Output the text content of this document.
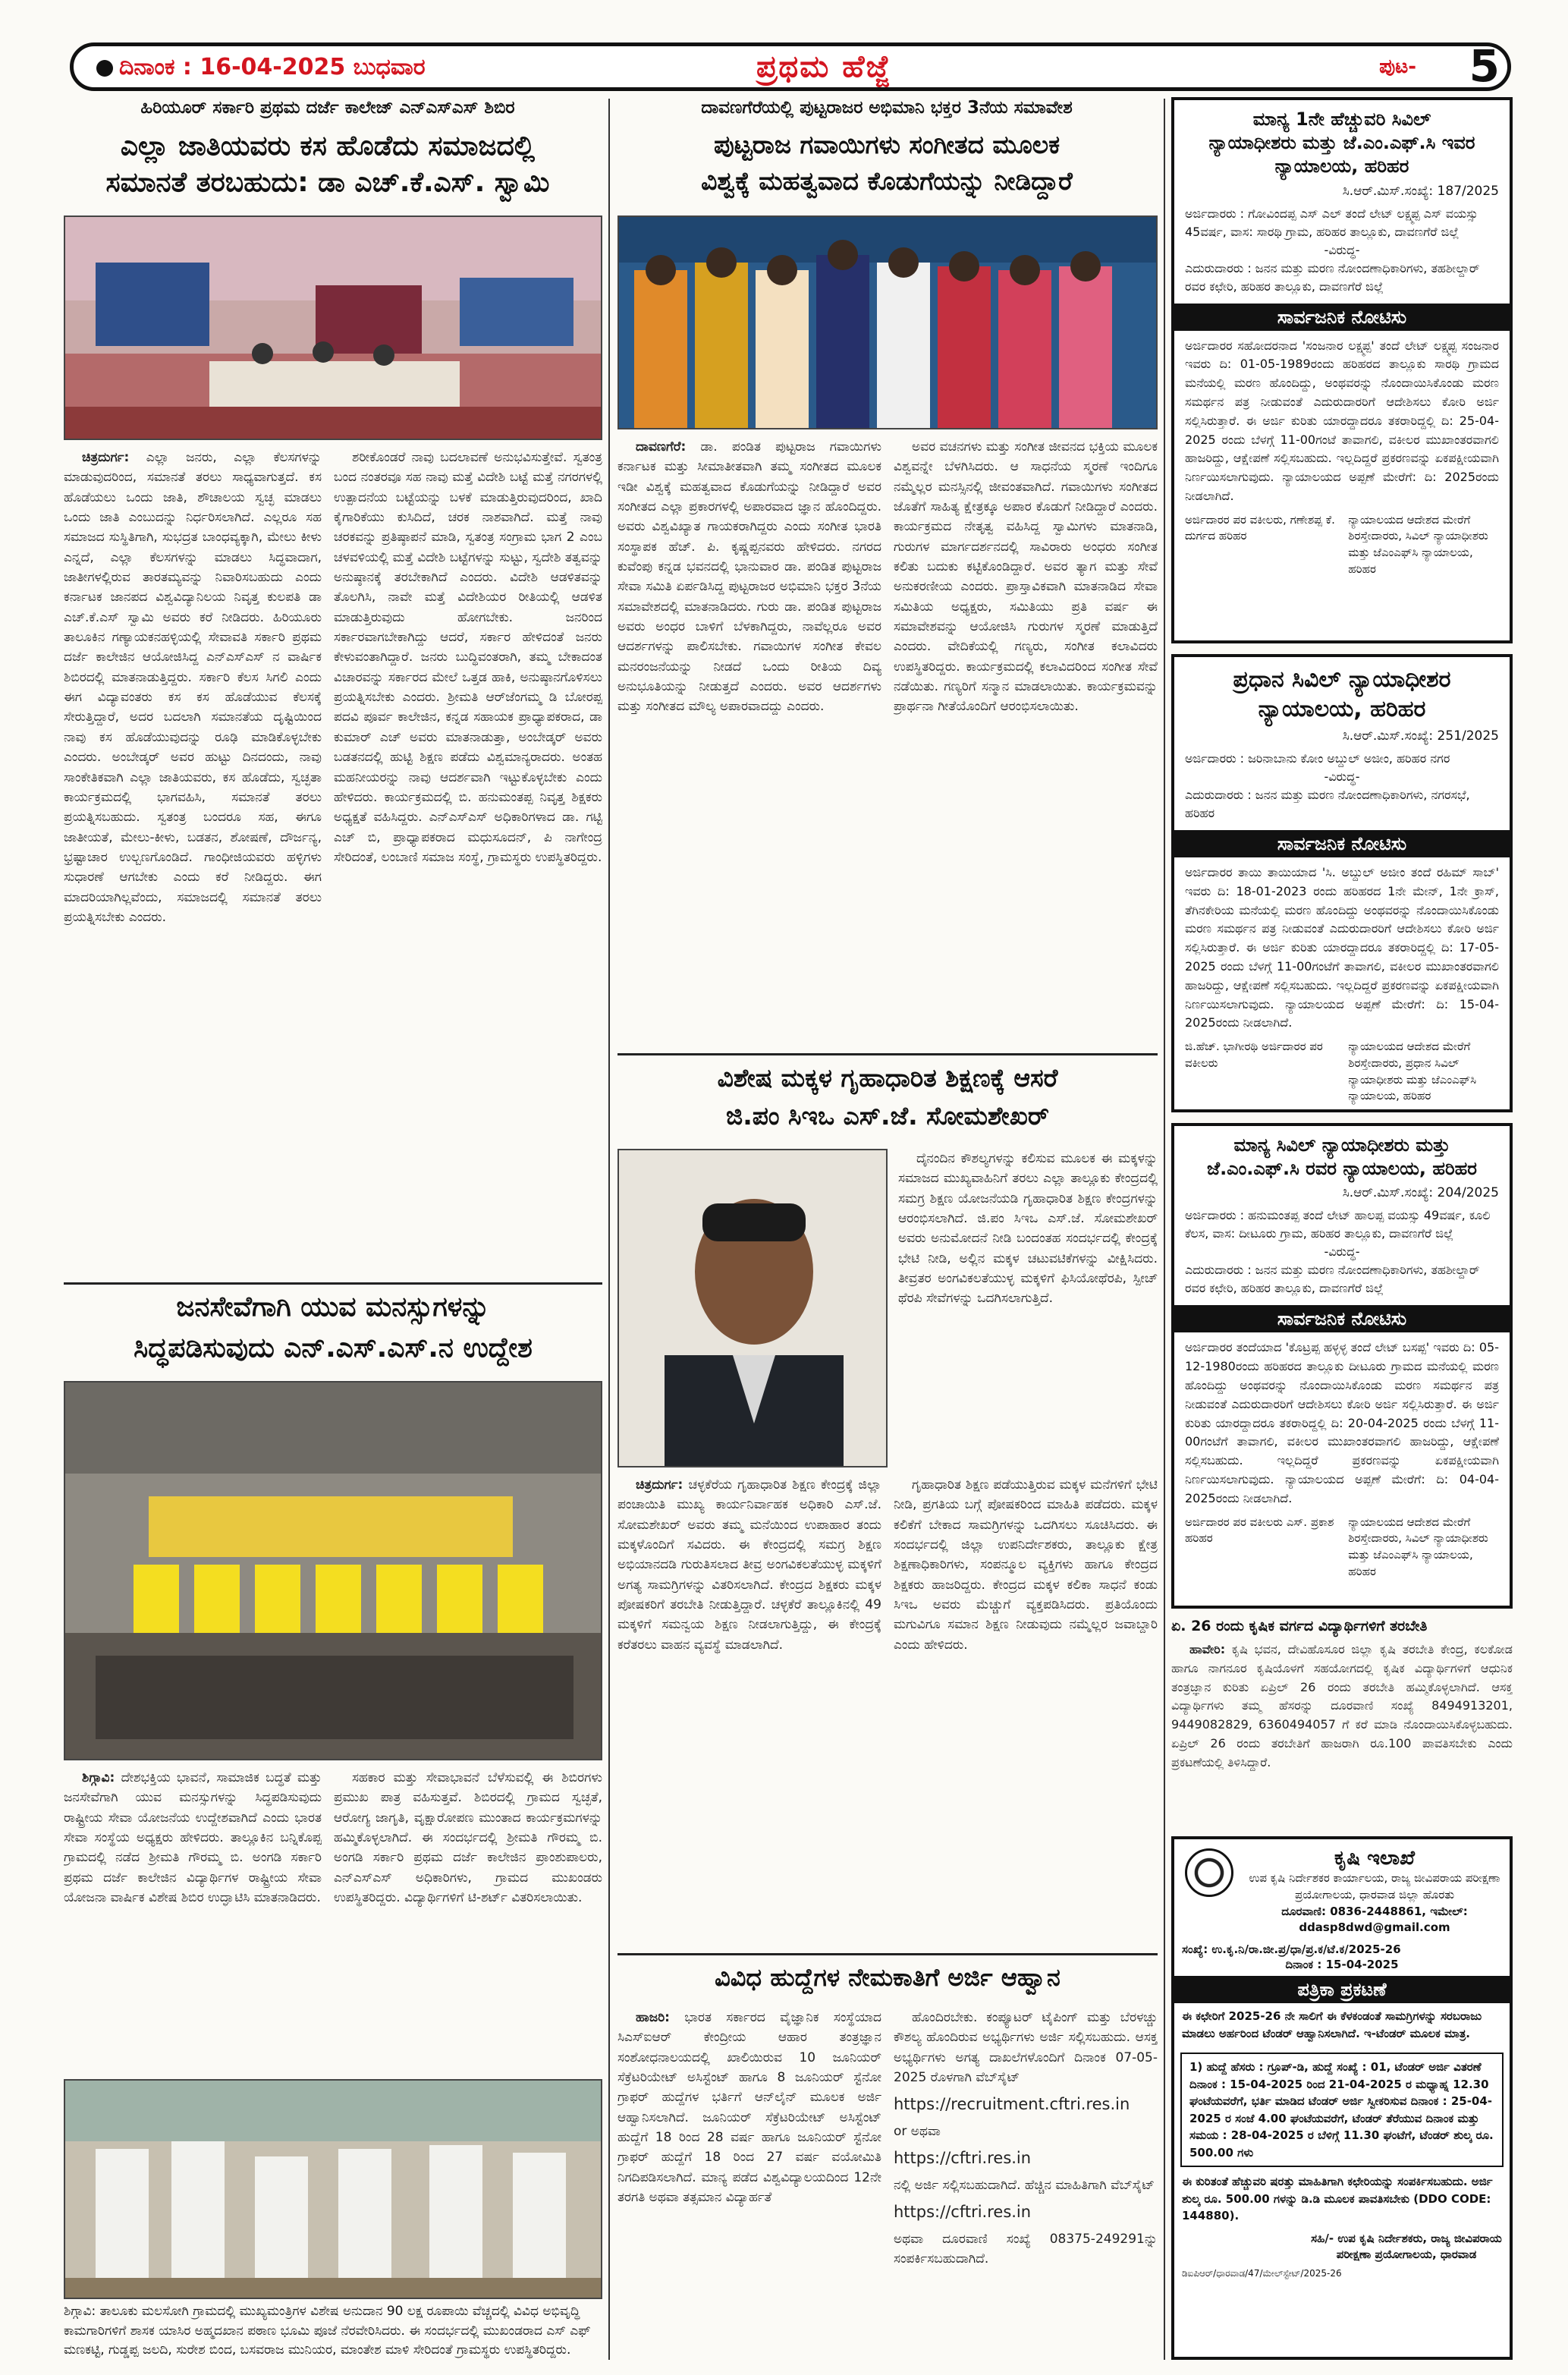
ದಿನಾಂಕ : 16-04-2025 ಬುಧವಾರ	ಪ್ರಥಮ ಹೆಜ್ಜೆ	ಪುಟ- 5
ಹಿರಿಯೂರ್ ಸರ್ಕಾರಿ ಪ್ರಥಮ ದರ್ಜೆ ಕಾಲೇಜ್ ಎನ್‌ಎಸ್‌ಎಸ್ ಶಿಬಿರ
ಎಲ್ಲಾ ಜಾತಿಯವರು ಕಸ ಹೊಡೆದು ಸಮಾಜದಲ್ಲಿ
ಸಮಾನತೆ ತರಬಹುದು: ಡಾ ಎಚ್.ಕೆ.ಎಸ್. ಸ್ವಾಮಿ

ಚಿತ್ರದುರ್ಗ: ಎಲ್ಲಾ ಜನರು, ಎಲ್ಲಾ ಕೆಲಸಗಳನ್ನು ಮಾಡುವುದರಿಂದ, ಸಮಾನತೆ ತರಲು ಸಾಧ್ಯವಾಗುತ್ತದೆ. ಕಸ ಹೊಡೆಯಲು ಒಂದು ಜಾತಿ, ಶೌಚಾಲಯ ಸ್ವಚ್ಛ ಮಾಡಲು ಒಂದು ಜಾತಿ ಎಂಬುದನ್ನು ನಿರ್ಧರಿಸಲಾಗಿದೆ. ಎಲ್ಲರೂ ಸಹ ಸಮಾಜದ ಸುಸ್ಥಿತಿಗಾಗಿ, ಸುಭದ್ರತ ಬಾಂಧವ್ಯಕ್ಕಾಗಿ, ಮೇಲು ಕೀಳು ಎನ್ನದೆ, ಎಲ್ಲಾ ಕೆಲಸಗಳನ್ನು ಮಾಡಲು ಸಿದ್ಧವಾದಾಗ, ಜಾತೀಗಳಲ್ಲಿರುವ ತಾರತಮ್ಯವನ್ನು ನಿವಾರಿಸಬಹುದು ಎಂದು ಕರ್ನಾಟಕ ಜಾನಪದ ವಿಶ್ವವಿದ್ಯಾನಿಲಯ ನಿವೃತ್ತ ಕುಲಪತಿ ಡಾ ಎಚ್.ಕೆ.ಎಸ್ ಸ್ವಾಮಿ ಅವರು ಕರೆ ನೀಡಿದರು. ಹಿರಿಯೂರು ತಾಲೂಕಿನ ಗಣ್ಯಾಯಕನಹಳ್ಳಿಯಲ್ಲಿ ಸೇವಾವತಿ ಸರ್ಕಾರಿ ಪ್ರಥಮ ದರ್ಜೆ ಕಾಲೇಜಿನ ಆಯೋಜಿಸಿದ್ದ ಎನ್‌ಎಸ್‌ಎಸ್ ನ ವಾರ್ಷಿಕ ಶಿಬಿರದಲ್ಲಿ ಮಾತನಾಡುತ್ತಿದ್ದರು. ಸರ್ಕಾರಿ ಕೆಲಸ ಸಿಗಲಿ ಎಂದು ಈಗ ವಿದ್ಯಾವಂತರು ಕಸ ಕಸ ಹೊಡೆಯುವ ಕೆಲಸಕ್ಕೆ ಸೇರುತ್ತಿದ್ದಾರೆ, ಅದರ ಬದಲಾಗಿ ಸಮಾನತೆಯ ದೃಷ್ಟಿಯಿಂದ ನಾವು ಕಸ ಹೊಡೆಯುವುದನ್ನು ರೂಢಿ ಮಾಡಿಕೊಳ್ಳಬೇಕು ಎಂದರು. ಅಂಬೇಡ್ಕರ್ ಅವರ ಹುಟ್ಟು ದಿನದಂದು, ನಾವು ಸಾಂಕೇತಿಕವಾಗಿ ಎಲ್ಲಾ ಜಾತಿಯವರು, ಕಸ ಹೊಡೆದು, ಸ್ವಚ್ಛತಾ ಕಾರ್ಯಕ್ರಮದಲ್ಲಿ ಭಾಗವಹಿಸಿ, ಸಮಾನತೆ ತರಲು ಪ್ರಯತ್ನಿಸಬಹುದು. ಸ್ವತಂತ್ರ ಬಂದರೂ ಸಹ, ಈಗೂ ಜಾತೀಯತೆ, ಮೇಲು-ಕೀಳು, ಬಡತನ, ಶೋಷಣೆ, ದೌರ್ಜನ್ಯ, ಭ್ರಷ್ಟಾಚಾರ ಉಲ್ಬಣಗೊಂಡಿದೆ. ಗಾಂಧೀಜಿಯವರು ಹಳ್ಳಿಗಳು ಸುಧಾರಣೆ ಆಗಬೇಕು ಎಂದು ಕರೆ ನೀಡಿದ್ದರು. ಈಗ ಮಾದರಿಯಾಗಿಲ್ಲವೆಂದು, ಸಮಾಜದಲ್ಲಿ ಸಮಾನತೆ ತರಲು ಪ್ರಯತ್ನಿಸಬೇಕು ಎಂದರು.

ಶರೀಕೊಂಡರೆ ನಾವು ಬದಲಾವಣೆ ಅನುಭವಿಸುತ್ತೇವೆ. ಸ್ವತಂತ್ರ ಬಂದ ನಂತರವೂ ಸಹ ನಾವು ಮತ್ತೆ ವಿದೇಶಿ ಬಟ್ಟೆ ಮತ್ತೆ ನಗರಗಳಲ್ಲಿ ಉತ್ಪಾದನೆಯ ಬಟ್ಟೆಯನ್ನು ಬಳಕೆ ಮಾಡುತ್ತಿರುವುದರಿಂದ, ಖಾದಿ ಕೈಗಾರಿಕೆಯು ಕುಸಿದಿದೆ, ಚರಕ ನಾಶವಾಗಿದೆ. ಮತ್ತೆ ನಾವು ಚರಕವನ್ನು ಪ್ರತಿಷ್ಠಾಪನೆ ಮಾಡಿ, ಸ್ವತಂತ್ರ ಸಂಗ್ರಾಮ ಭಾಗ 2 ಎಂಬ ಚಳವಳಿಯಲ್ಲಿ ಮತ್ತೆ ವಿದೇಶಿ ಬಟ್ಟೆಗಳನ್ನು ಸುಟ್ಟು, ಸ್ವದೇಶಿ ತತ್ವವನ್ನು ಅನುಷ್ಠಾನಕ್ಕೆ ತರಬೇಕಾಗಿದೆ ಎಂದರು. ವಿದೇಶಿ ಆಡಳಿತವನ್ನು ತೊಲಗಿಸಿ, ನಾವೇ ಮತ್ತೆ ವಿದೇಶಿಯರ ರೀತಿಯಲ್ಲಿ ಆಡಳಿತ ಮಾಡುತ್ತಿರುವುದು ಹೋಗಬೇಕು. ಜನರಿಂದ ಸರ್ಕಾರವಾಗಬೇಕಾಗಿದ್ದು ಆದರೆ, ಸರ್ಕಾರ ಹೇಳಿದಂತೆ ಜನರು ಕೇಳುವಂತಾಗಿದ್ದಾರೆ. ಜನರು ಬುದ್ಧಿವಂತರಾಗಿ, ತಮ್ಮ ಬೇಕಾದಂತ ವಿಚಾರವನ್ನು ಸರ್ಕಾರದ ಮೇಲೆ ಒತ್ತಡ ಹಾಕಿ, ಅನುಷ್ಠಾನಗೊಳಿಸಲು ಪ್ರಯತ್ನಿಸಬೇಕು ಎಂದರು. ಶ್ರೀಮತಿ ಆರ್‌ಜೆಂಗಮ್ಮ ಡಿ ಬೋರಪ್ಪ ಪದವಿ ಪೂರ್ವ ಕಾಲೇಜಿನ, ಕನ್ನಡ ಸಹಾಯಕ ಪ್ರಾಧ್ಯಾಪಕರಾದ, ಡಾ ಕುಮಾರ್ ಎಚ್ ಅವರು ಮಾತನಾಡುತ್ತಾ, ಅಂಬೇಡ್ಕರ್ ಅವರು ಬಡತನದಲ್ಲಿ ಹುಟ್ಟಿ ಶಿಕ್ಷಣ ಪಡೆದು ವಿಶ್ವಮಾನ್ಯರಾದರು. ಅಂತಹ ಮಹನೀಯರನ್ನು ನಾವು ಆದರ್ಶವಾಗಿ ಇಟ್ಟುಕೊಳ್ಳಬೇಕು ಎಂದು ಹೇಳಿದರು. ಕಾರ್ಯಕ್ರಮದಲ್ಲಿ ಬಿ. ಹನುಮಂತಪ್ಪ ನಿವೃತ್ತ ಶಿಕ್ಷಕರು ಅಧ್ಯಕ್ಷತೆ ವಹಿಸಿದ್ದರು. ಎನ್‌ಎಸ್‌ಎಸ್ ಅಧಿಕಾರಿಗಳಾದ ಡಾ. ಗಟ್ಟಿ ಎಚ್ ಬಿ, ಪ್ರಾಧ್ಯಾಪಕರಾದ ಮಧುಸೂದನ್, ಪಿ ನಾಗೇಂದ್ರ ಸೇರಿದಂತೆ, ಲಂಬಾಣಿ ಸಮಾಜ ಸಂಸ್ಥೆ, ಗ್ರಾಮಸ್ಥರು ಉಪಸ್ಥಿತರಿದ್ದರು.

ಜನಸೇವೆಗಾಗಿ ಯುವ ಮನಸ್ಸುಗಳನ್ನು
ಸಿದ್ಧಪಡಿಸುವುದು ಎನ್.ಎಸ್.ಎಸ್.ನ ಉದ್ದೇಶ

ಶಿಗ್ಗಾವಿ: ದೇಶಭಕ್ತಿಯ ಭಾವನೆ, ಸಾಮಾಜಿಕ ಬದ್ಧತೆ ಮತ್ತು ಜನಸೇವೆಗಾಗಿ ಯುವ ಮನಸ್ಸುಗಳನ್ನು ಸಿದ್ಧಪಡಿಸುವುದು ರಾಷ್ಟ್ರೀಯ ಸೇವಾ ಯೋಜನೆಯ ಉದ್ದೇಶವಾಗಿದೆ ಎಂದು ಭಾರತ ಸೇವಾ ಸಂಸ್ಥೆಯ ಅಧ್ಯಕ್ಷರು ಹೇಳಿದರು. ತಾಲ್ಲೂಕಿನ ಬನ್ನಿಕೊಪ್ಪ ಗ್ರಾಮದಲ್ಲಿ ನಡೆದ ಶ್ರೀಮತಿ ಗೌರಮ್ಮ ಬಿ. ಅಂಗಡಿ ಸರ್ಕಾರಿ ಪ್ರಥಮ ದರ್ಜೆ ಕಾಲೇಜಿನ ವಿದ್ಯಾರ್ಥಿಗಳ ರಾಷ್ಟ್ರೀಯ ಸೇವಾ ಯೋಜನಾ ವಾರ್ಷಿಕ ವಿಶೇಷ ಶಿಬಿರ ಉದ್ಘಾಟಿಸಿ ಮಾತನಾಡಿದರು.

ಸಹಕಾರ ಮತ್ತು ಸೇವಾಭಾವನೆ ಬೆಳೆಸುವಲ್ಲಿ ಈ ಶಿಬಿರಗಳು ಪ್ರಮುಖ ಪಾತ್ರ ವಹಿಸುತ್ತವೆ. ಶಿಬಿರದಲ್ಲಿ ಗ್ರಾಮದ ಸ್ವಚ್ಛತೆ, ಆರೋಗ್ಯ ಜಾಗೃತಿ, ವೃಕ್ಷಾರೋಪಣ ಮುಂತಾದ ಕಾರ್ಯಕ್ರಮಗಳನ್ನು ಹಮ್ಮಿಕೊಳ್ಳಲಾಗಿದೆ. ಈ ಸಂದರ್ಭದಲ್ಲಿ ಶ್ರೀಮತಿ ಗೌರಮ್ಮ ಬಿ. ಅಂಗಡಿ ಸರ್ಕಾರಿ ಪ್ರಥಮ ದರ್ಜೆ ಕಾಲೇಜಿನ ಪ್ರಾಂಶುಪಾಲರು, ಎನ್‌ಎಸ್‌ಎಸ್ ಅಧಿಕಾರಿಗಳು, ಗ್ರಾಮದ ಮುಖಂಡರು ಉಪಸ್ಥಿತರಿದ್ದರು. ವಿದ್ಯಾರ್ಥಿಗಳಿಗೆ ಟಿ-ಶರ್ಟ್ ವಿತರಿಸಲಾಯಿತು.

ಶಿಗ್ಗಾವಿ: ತಾಲೂಕು ಮಲಸೋಗಿ ಗ್ರಾಮದಲ್ಲಿ ಮುಖ್ಯಮಂತ್ರಿಗಳ ವಿಶೇಷ ಅನುದಾನ 90 ಲಕ್ಷ ರೂಪಾಯಿ ವೆಚ್ಚದಲ್ಲಿ ವಿವಿಧ ಅಭಿವೃದ್ಧಿ ಕಾಮಗಾರಿಗಳಿಗೆ ಶಾಸಕ ಯಾಸಿರ ಅಹ್ಮದಖಾನ ಪಠಾಣ ಭೂಮಿ ಪೂಜೆ ನೆರವೇರಿಸಿದರು. ಈ ಸಂದರ್ಭದಲ್ಲಿ ಮುಖಂಡರಾದ ಎಸ್ ಎಫ್ ಮಣಕಟ್ಟಿ, ಗುಡ್ಡಪ್ಪ ಜಲದಿ, ಸುರೇಶ ಬಿಂದ, ಬಸವರಾಜ ಮುನಿಯರ, ಮಾಂತೇಶ ಮಾಳಿ ಸೇರಿದಂತೆ ಗ್ರಾಮಸ್ಥರು ಉಪಸ್ಥಿತರಿದ್ದರು.
ದಾವಣಗೆರೆಯಲ್ಲಿ ಪುಟ್ಟರಾಜರ ಅಭಿಮಾನಿ ಭಕ್ತರ 3ನೆಯ ಸಮಾವೇಶ
ಪುಟ್ಟರಾಜ ಗವಾಯಿಗಳು ಸಂಗೀತದ ಮೂಲಕ
ವಿಶ್ವಕ್ಕೆ ಮಹತ್ವವಾದ ಕೊಡುಗೆಯನ್ನು ನೀಡಿದ್ದಾರೆ

ದಾವಣಗೆರೆ: ಡಾ. ಪಂಡಿತ ಪುಟ್ಟರಾಜ ಗವಾಯಿಗಳು ಕರ್ನಾಟಕ ಮತ್ತು ಸೀಮಾತೀತವಾಗಿ ತಮ್ಮ ಸಂಗೀತದ ಮೂಲಕ ಇಡೀ ವಿಶ್ವಕ್ಕೆ ಮಹತ್ವವಾದ ಕೊಡುಗೆಯನ್ನು ನೀಡಿದ್ದಾರೆ ಅವರ ಸಂಗೀತದ ಎಲ್ಲಾ ಪ್ರಕಾರಗಳಲ್ಲಿ ಅಪಾರವಾದ ಜ್ಞಾನ ಹೊಂದಿದ್ದರು. ಅವರು ವಿಶ್ವವಿಖ್ಯಾತ ಗಾಯಕರಾಗಿದ್ದರು ಎಂದು ಸಂಗೀತ ಭಾರತಿ ಸಂಸ್ಥಾಪಕ ಹೆಚ್. ಪಿ. ಕೃಷ್ಣಪ್ಪನವರು ಹೇಳಿದರು. ನಗರದ ಕುವೆಂಪು ಕನ್ನಡ ಭವನದಲ್ಲಿ ಭಾನುವಾರ ಡಾ. ಪಂಡಿತ ಪುಟ್ಟರಾಜ ಸೇವಾ ಸಮಿತಿ ಏರ್ಪಡಿಸಿದ್ದ ಪುಟ್ಟರಾಜರ ಅಭಿಮಾನಿ ಭಕ್ತರ 3ನೆಯ ಸಮಾವೇಶದಲ್ಲಿ ಮಾತನಾಡಿದರು. ಗುರು ಡಾ. ಪಂಡಿತ ಪುಟ್ಟರಾಜ ಅವರು ಅಂಧರ ಬಾಳಿಗೆ ಬೆಳಕಾಗಿದ್ದರು, ನಾವೆಲ್ಲರೂ ಅವರ ಆದರ್ಶಗಳನ್ನು ಪಾಲಿಸಬೇಕು. ಗವಾಯಿಗಳ ಸಂಗೀತ ಕೇವಲ ಮನರಂಜನೆಯನ್ನು ನೀಡದೆ ಒಂದು ರೀತಿಯ ದಿವ್ಯ ಅನುಭೂತಿಯನ್ನು ನೀಡುತ್ತದೆ ಎಂದರು. ಅವರ ಆದರ್ಶಗಳು ಮತ್ತು ಸಂಗೀತದ ಮೌಲ್ಯ ಅಪಾರವಾದದ್ದು ಎಂದರು.

ಅವರ ವಚನಗಳು ಮತ್ತು ಸಂಗೀತ ಜೀವನದ ಭಕ್ತಿಯ ಮೂಲಕ ವಿಶ್ವವನ್ನೇ ಬೆಳಗಿಸಿದರು. ಆ ಸಾಧನೆಯ ಸ್ಮರಣೆ ಇಂದಿಗೂ ನಮ್ಮೆಲ್ಲರ ಮನಸ್ಸಿನಲ್ಲಿ ಜೀವಂತವಾಗಿದೆ. ಗವಾಯಿಗಳು ಸಂಗೀತದ ಜೊತೆಗೆ ಸಾಹಿತ್ಯ ಕ್ಷೇತ್ರಕ್ಕೂ ಅಪಾರ ಕೊಡುಗೆ ನೀಡಿದ್ದಾರೆ ಎಂದರು. ಕಾರ್ಯಕ್ರಮದ ನೇತೃತ್ವ ವಹಿಸಿದ್ದ ಸ್ವಾಮಿಗಳು ಮಾತನಾಡಿ, ಗುರುಗಳ ಮಾರ್ಗದರ್ಶನದಲ್ಲಿ ಸಾವಿರಾರು ಅಂಧರು ಸಂಗೀತ ಕಲಿತು ಬದುಕು ಕಟ್ಟಿಕೊಂಡಿದ್ದಾರೆ. ಅವರ ತ್ಯಾಗ ಮತ್ತು ಸೇವೆ ಅನುಕರಣೀಯ ಎಂದರು. ಪ್ರಾಸ್ತಾವಿಕವಾಗಿ ಮಾತನಾಡಿದ ಸೇವಾ ಸಮಿತಿಯ ಅಧ್ಯಕ್ಷರು, ಸಮಿತಿಯು ಪ್ರತಿ ವರ್ಷ ಈ ಸಮಾವೇಶವನ್ನು ಆಯೋಜಿಸಿ ಗುರುಗಳ ಸ್ಮರಣೆ ಮಾಡುತ್ತಿದೆ ಎಂದರು. ವೇದಿಕೆಯಲ್ಲಿ ಗಣ್ಯರು, ಸಂಗೀತ ಕಲಾವಿದರು ಉಪಸ್ಥಿತರಿದ್ದರು. ಕಾರ್ಯಕ್ರಮದಲ್ಲಿ ಕಲಾವಿದರಿಂದ ಸಂಗೀತ ಸೇವೆ ನಡೆಯಿತು. ಗಣ್ಯರಿಗೆ ಸನ್ಮಾನ ಮಾಡಲಾಯಿತು. ಕಾರ್ಯಕ್ರಮವನ್ನು ಪ್ರಾರ್ಥನಾ ಗೀತೆಯೊಂದಿಗೆ ಆರಂಭಿಸಲಾಯಿತು.

ವಿಶೇಷ ಮಕ್ಕಳ ಗೃಹಾಧಾರಿತ ಶಿಕ್ಷಣಕ್ಕೆ ಆಸರೆ
ಜಿ.ಪಂ ಸಿಇಒ ಎಸ್.ಜೆ. ಸೋಮಶೇಖರ್

ದೈನಂದಿನ ಕೌಶಲ್ಯಗಳನ್ನು ಕಲಿಸುವ ಮೂಲಕ ಈ ಮಕ್ಕಳನ್ನು ಸಮಾಜದ ಮುಖ್ಯವಾಹಿನಿಗೆ ತರಲು ಎಲ್ಲಾ ತಾಲ್ಲೂಕು ಕೇಂದ್ರದಲ್ಲಿ ಸಮಗ್ರ ಶಿಕ್ಷಣ ಯೋಜನೆಯಡಿ ಗೃಹಾಧಾರಿತ ಶಿಕ್ಷಣ ಕೇಂದ್ರಗಳನ್ನು ಆರಂಭಿಸಲಾಗಿದೆ. ಜಿ.ಪಂ ಸಿಇಒ ಎಸ್.ಜೆ. ಸೋಮಶೇಖರ್ ಅವರು ಅನುಮೋದನೆ ನೀಡಿ ಬಂದಂತಹ ಸಂದರ್ಭದಲ್ಲಿ ಕೇಂದ್ರಕ್ಕೆ ಭೇಟಿ ನೀಡಿ, ಅಲ್ಲಿನ ಮಕ್ಕಳ ಚಟುವಟಿಕೆಗಳನ್ನು ವೀಕ್ಷಿಸಿದರು. ತೀವ್ರತರ ಅಂಗವಿಕಲತೆಯುಳ್ಳ ಮಕ್ಕಳಿಗೆ ಫಿಸಿಯೋಥೆರಪಿ, ಸ್ಪೀಚ್ ಥೆರಪಿ ಸೇವೆಗಳನ್ನು ಒದಗಿಸಲಾಗುತ್ತಿದೆ.

ಚಿತ್ರದುರ್ಗ: ಚಳ್ಳಕೆರೆಯ ಗೃಹಾಧಾರಿತ ಶಿಕ್ಷಣ ಕೇಂದ್ರಕ್ಕೆ ಜಿಲ್ಲಾ ಪಂಚಾಯಿತಿ ಮುಖ್ಯ ಕಾರ್ಯನಿರ್ವಾಹಕ ಅಧಿಕಾರಿ ಎಸ್.ಜೆ. ಸೋಮಶೇಖರ್ ಅವರು ತಮ್ಮ ಮನೆಯಿಂದ ಉಪಾಹಾರ ತಂದು ಮಕ್ಕಳೊಂದಿಗೆ ಸವಿದರು. ಈ ಕೇಂದ್ರದಲ್ಲಿ ಸಮಗ್ರ ಶಿಕ್ಷಣ ಅಭಿಯಾನದಡಿ ಗುರುತಿಸಲಾದ ತೀವ್ರ ಅಂಗವಿಕಲತೆಯುಳ್ಳ ಮಕ್ಕಳಿಗೆ ಅಗತ್ಯ ಸಾಮಗ್ರಿಗಳನ್ನು ವಿತರಿಸಲಾಗಿದೆ. ಕೇಂದ್ರದ ಶಿಕ್ಷಕರು ಮಕ್ಕಳ ಪೋಷಕರಿಗೆ ತರಬೇತಿ ನೀಡುತ್ತಿದ್ದಾರೆ. ಚಳ್ಳಕೆರೆ ತಾಲ್ಲೂಕಿನಲ್ಲಿ 49 ಮಕ್ಕಳಿಗೆ ಸಮನ್ವಯ ಶಿಕ್ಷಣ ನೀಡಲಾಗುತ್ತಿದ್ದು, ಈ ಕೇಂದ್ರಕ್ಕೆ ಕರೆತರಲು ವಾಹನ ವ್ಯವಸ್ಥೆ ಮಾಡಲಾಗಿದೆ.

ಗೃಹಾಧಾರಿತ ಶಿಕ್ಷಣ ಪಡೆಯುತ್ತಿರುವ ಮಕ್ಕಳ ಮನೆಗಳಿಗೆ ಭೇಟಿ ನೀಡಿ, ಪ್ರಗತಿಯ ಬಗ್ಗೆ ಪೋಷಕರಿಂದ ಮಾಹಿತಿ ಪಡೆದರು. ಮಕ್ಕಳ ಕಲಿಕೆಗೆ ಬೇಕಾದ ಸಾಮಗ್ರಿಗಳನ್ನು ಒದಗಿಸಲು ಸೂಚಿಸಿದರು. ಈ ಸಂದರ್ಭದಲ್ಲಿ ಜಿಲ್ಲಾ ಉಪನಿರ್ದೇಶಕರು, ತಾಲ್ಲೂಕು ಕ್ಷೇತ್ರ ಶಿಕ್ಷಣಾಧಿಕಾರಿಗಳು, ಸಂಪನ್ಮೂಲ ವ್ಯಕ್ತಿಗಳು ಹಾಗೂ ಕೇಂದ್ರದ ಶಿಕ್ಷಕರು ಹಾಜರಿದ್ದರು. ಕೇಂದ್ರದ ಮಕ್ಕಳ ಕಲಿಕಾ ಸಾಧನೆ ಕಂಡು ಸಿಇಒ ಅವರು ಮೆಚ್ಚುಗೆ ವ್ಯಕ್ತಪಡಿಸಿದರು. ಪ್ರತಿಯೊಂದು ಮಗುವಿಗೂ ಸಮಾನ ಶಿಕ್ಷಣ ನೀಡುವುದು ನಮ್ಮೆಲ್ಲರ ಜವಾಬ್ದಾರಿ ಎಂದು ಹೇಳಿದರು.

ವಿವಿಧ ಹುದ್ದೆಗಳ ನೇಮಕಾತಿಗೆ ಅರ್ಜಿ ಆಹ್ವಾನ

ಹಾಜರಿ: ಭಾರತ ಸರ್ಕಾರದ ವೈಜ್ಞಾನಿಕ ಸಂಸ್ಥೆಯಾದ ಸಿಎಸ್‌ಐಆರ್ ಕೇಂದ್ರೀಯ ಆಹಾರ ತಂತ್ರಜ್ಞಾನ ಸಂಶೋಧನಾಲಯದಲ್ಲಿ ಖಾಲಿಯಿರುವ 10 ಜೂನಿಯರ್ ಸೆಕ್ರೆಟರಿಯೇಟ್ ಅಸಿಸ್ಟೆಂಟ್ ಹಾಗೂ 8 ಜೂನಿಯರ್ ಸ್ಟೆನೋ ಗ್ರಾಫರ್ ಹುದ್ದೆಗಳ ಭರ್ತಿಗೆ ಆನ್‌ಲೈನ್ ಮೂಲಕ ಅರ್ಜಿ ಆಹ್ವಾನಿಸಲಾಗಿದೆ. ಜೂನಿಯರ್ ಸೆಕ್ರೆಟರಿಯೇಟ್ ಅಸಿಸ್ಟೆಂಟ್ ಹುದ್ದೆಗೆ 18 ರಿಂದ 28 ವರ್ಷ ಹಾಗೂ ಜೂನಿಯರ್ ಸ್ಟೆನೋ ಗ್ರಾಫರ್ ಹುದ್ದೆಗೆ 18 ರಿಂದ 27 ವರ್ಷ ವಯೋಮಿತಿ ನಿಗದಿಪಡಿಸಲಾಗಿದೆ. ಮಾನ್ಯ ಪಡೆದ ವಿಶ್ವವಿದ್ಯಾಲಯದಿಂದ 12ನೇ ತರಗತಿ ಅಥವಾ ತತ್ಸಮಾನ ವಿದ್ಯಾರ್ಹತೆ

ಹೊಂದಿರಬೇಕು. ಕಂಪ್ಯೂಟರ್ ಟೈಪಿಂಗ್ ಮತ್ತು ಬೆರಳಚ್ಚು ಕೌಶಲ್ಯ ಹೊಂದಿರುವ ಅಭ್ಯರ್ಥಿಗಳು ಅರ್ಜಿ ಸಲ್ಲಿಸಬಹುದು. ಆಸಕ್ತ ಅಭ್ಯರ್ಥಿಗಳು ಅಗತ್ಯ ದಾಖಲೆಗಳೊಂದಿಗೆ ದಿನಾಂಕ 07-05-2025 ರೊಳಗಾಗಿ ವೆಬ್‌ಸೈಟ್

https://recruitment.cftri.res.in
or ಅಥವಾ
https://cftri.res.in
ನಲ್ಲಿ ಅರ್ಜಿ ಸಲ್ಲಿಸಬಹುದಾಗಿದೆ. ಹೆಚ್ಚಿನ ಮಾಹಿತಿಗಾಗಿ ವೆಬ್‌ಸೈಟ್
https://cftri.res.in
ಅಥವಾ ದೂರವಾಣಿ ಸಂಖ್ಯೆ 08375-249291ನ್ನು ಸಂಪರ್ಕಿಸಬಹುದಾಗಿದೆ.
ಮಾನ್ಯ 1ನೇ ಹೆಚ್ಚುವರಿ ಸಿವಿಲ್
ನ್ಯಾಯಾಧೀಶರು ಮತ್ತು ಜೆ.ಎಂ.ಎಫ್.ಸಿ ಇವರ
ನ್ಯಾಯಾಲಯ, ಹರಿಹರ
ಸಿ.ಆರ್.ಮಿಸ್.ಸಂಖ್ಯೆ: 187/2025
ಅರ್ಜಿದಾರರು : ಗೋವಿಂದಪ್ಪ ಎಸ್ ಎಲ್ ತಂದೆ ಲೇಟ್ ಲಕ್ಷ್ಮಪ್ಪ ಎಸ್ ವಯಸ್ಸು 45ವರ್ಷ, ವಾಸ: ಸಾರಥಿ ಗ್ರಾಮ, ಹರಿಹರ ತಾಲ್ಲೂಕು, ದಾವಣಗೆರೆ ಜಿಲ್ಲೆ
-ವಿರುದ್ಧ-
ಎದುರುದಾರರು : ಜನನ ಮತ್ತು ಮರಣ ನೋಂದಣಾಧಿಕಾರಿಗಳು, ತಹಶೀಲ್ದಾರ್ ರವರ ಕಛೇರಿ, ಹರಿಹರ ತಾಲ್ಲೂಕು, ದಾವಣಗೆರೆ ಜಿಲ್ಲೆ
ಸಾರ್ವಜನಿಕ ನೋಟಿಸು
ಅರ್ಜಿದಾರರ ಸಹೋದರನಾದ 'ಸಂಜನಾರ ಲಕ್ಷ್ಮಪ್ಪ' ತಂದೆ ಲೇಟ್ ಲಕ್ಷ್ಮಪ್ಪ ಸಂಜನಾರ ಇವರು ದಿ: 01-05-1989ರಂದು ಹರಿಹರದ ತಾಲ್ಲೂಕು ಸಾರಥಿ ಗ್ರಾಮದ ಮನೆಯಲ್ಲಿ ಮರಣ ಹೊಂದಿದ್ದು, ಅಂಥವರನ್ನು ನೊಂದಾಯಿಸಿಕೊಂಡು ಮರಣ ಸಮರ್ಥನ ಪತ್ರ ನೀಡುವಂತೆ ಎದುರುದಾರರಿಗೆ ಆದೇಶಿಸಲು ಕೋರಿ ಅರ್ಜಿ ಸಲ್ಲಿಸಿರುತ್ತಾರೆ. ಈ ಅರ್ಜಿ ಕುರಿತು ಯಾರದ್ದಾದರೂ ತಕರಾರಿದ್ದಲ್ಲಿ ದಿ: 25-04-2025 ರಂದು ಬೆಳಗ್ಗೆ 11-00ಗಂಟೆ ತಾವಾಗಲಿ, ವಕೀಲರ ಮುಖಾಂತರವಾಗಲಿ ಹಾಜರಿದ್ದು, ಆಕ್ಷೇಪಣೆ ಸಲ್ಲಿಸಬಹುದು. ಇಲ್ಲದಿದ್ದರೆ ಪ್ರಕರಣವನ್ನು ಏಕಪಕ್ಷೀಯವಾಗಿ ನಿರ್ಣಯಿಸಲಾಗುವುದು. ನ್ಯಾಯಾಲಯದ ಅಪ್ಪಣೆ ಮೇರೆಗೆ: ದಿ: 2025ರಂದು ನೀಡಲಾಗಿದೆ.
ಅರ್ಜಿದಾರರ ಪರ ವಕೀಲರು, ಗಣೇಶಪ್ಪ ಕೆ. ದುರ್ಗದ ಹರಿಹರ
ನ್ಯಾಯಾಲಯದ ಆದೇಶದ ಮೇರೆಗೆ ಶಿರಸ್ತೇದಾರರು, ಸಿವಿಲ್ ನ್ಯಾಯಾಧೀಶರು ಮತ್ತು ಜೆಎಂಎಫ್‌ಸಿ ನ್ಯಾಯಾಲಯ, ಹರಿಹರ
ಪ್ರಧಾನ ಸಿವಿಲ್ ನ್ಯಾಯಾಧೀಶರ
ನ್ಯಾಯಾಲಯ, ಹರಿಹರ
ಸಿ.ಆರ್.ಮಿಸ್.ಸಂಖ್ಯೆ: 251/2025
ಅರ್ಜಿದಾರರು : ಜರಿನಾಬಾನು ಕೋಂ ಅಬ್ದುಲ್ ಅಜೀಂ, ಹರಿಹರ ನಗರ
-ವಿರುದ್ಧ-
ಎದುರುದಾರರು : ಜನನ ಮತ್ತು ಮರಣ ನೋಂದಣಾಧಿಕಾರಿಗಳು, ನಗರಸಭೆ, ಹರಿಹರ
ಸಾರ್ವಜನಿಕ ನೋಟಿಸು
ಅರ್ಜಿದಾರರ ತಾಯಿ ತಾಯಿಯಾದ 'ಸಿ. ಅಬ್ದುಲ್ ಅಜೀಂ ತಂದೆ ರಹಿಮ್ ಸಾಬ್' ಇವರು ದಿ: 18-01-2023 ರಂದು ಹರಿಹರದ 1ನೇ ಮೇನ್, 1ನೇ ಕ್ರಾಸ್, ತೆಗಿನಕೇರಿಯ ಮನೆಯಲ್ಲಿ ಮರಣ ಹೊಂದಿದ್ದು ಅಂಥವರನ್ನು ನೊಂದಾಯಿಸಿಕೊಂಡು ಮರಣ ಸಮರ್ಥನ ಪತ್ರ ನೀಡುವಂತೆ ಎದುರುದಾರರಿಗೆ ಆದೇಶಿಸಲು ಕೋರಿ ಅರ್ಜಿ ಸಲ್ಲಿಸಿರುತ್ತಾರೆ. ಈ ಅರ್ಜಿ ಕುರಿತು ಯಾರದ್ದಾದರೂ ತಕರಾರಿದ್ದಲ್ಲಿ ದಿ: 17-05-2025 ರಂದು ಬೆಳಗ್ಗೆ 11-00ಗಂಟೆಗೆ ತಾವಾಗಲಿ, ವಕೀಲರ ಮುಖಾಂತರವಾಗಲಿ ಹಾಜರಿದ್ದು, ಆಕ್ಷೇಪಣೆ ಸಲ್ಲಿಸಬಹುದು. ಇಲ್ಲದಿದ್ದರೆ ಪ್ರಕರಣವನ್ನು ಏಕಪಕ್ಷೀಯವಾಗಿ ನಿರ್ಣಯಿಸಲಾಗುವುದು. ನ್ಯಾಯಾಲಯದ ಅಪ್ಪಣೆ ಮೇರೆಗೆ: ದಿ: 15-04-2025ರಂದು ನೀಡಲಾಗಿದೆ.
ಜಿ.ಹೆಚ್. ಭಾಗೀರಥಿ ಅರ್ಜಿದಾರರ ಪರ ವಕೀಲರು
ನ್ಯಾಯಾಲಯದ ಆದೇಶದ ಮೇರೆಗೆ ಶಿರಸ್ತೇದಾರರು, ಪ್ರಧಾನ ಸಿವಿಲ್ ನ್ಯಾಯಾಧೀಶರು ಮತ್ತು ಜೆಎಂಎಫ್‌ಸಿ ನ್ಯಾಯಾಲಯ, ಹರಿಹರ
ಮಾನ್ಯ ಸಿವಿಲ್ ನ್ಯಾಯಾಧೀಶರು ಮತ್ತು
ಜೆ.ಎಂ.ಎಫ್.ಸಿ ರವರ ನ್ಯಾಯಾಲಯ, ಹರಿಹರ
ಸಿ.ಆರ್.ಮಿಸ್.ಸಂಖ್ಯೆ: 204/2025
ಅರ್ಜಿದಾರರು : ಹನುಮಂತಪ್ಪ ತಂದೆ ಲೇಟ್ ಹಾಲಪ್ಪ ವಯಸ್ಸು 49ವರ್ಷ, ಕೂಲಿ ಕೆಲಸ, ವಾಸ: ದೀಟೂರು ಗ್ರಾಮ, ಹರಿಹರ ತಾಲ್ಲೂಕು, ದಾವಣಗೆರೆ ಜಿಲ್ಲೆ
-ವಿರುದ್ಧ-
ಎದುರುದಾರರು : ಜನನ ಮತ್ತು ಮರಣ ನೋಂದಣಾಧಿಕಾರಿಗಳು, ತಹಶೀಲ್ದಾರ್ ರವರ ಕಛೇರಿ, ಹರಿಹರ ತಾಲ್ಲೂಕು, ದಾವಣಗೆರೆ ಜಿಲ್ಲೆ
ಸಾರ್ವಜನಿಕ ನೋಟಿಸು
ಅರ್ಜಿದಾರರ ತಂದೆಯಾದ 'ಕೊಟ್ರಪ್ಪ ಹಳ್ಳಳ್ಳ ತಂದೆ ಲೇಟ್ ಬಸಪ್ಪ' ಇವರು ದಿ: 05-12-1980ರಂದು ಹರಿಹರದ ತಾಲ್ಲೂಕು ದೀಟೂರು ಗ್ರಾಮದ ಮನೆಯಲ್ಲಿ ಮರಣ ಹೊಂದಿದ್ದು ಅಂಥವರನ್ನು ನೊಂದಾಯಿಸಿಕೊಂಡು ಮರಣ ಸಮರ್ಥನ ಪತ್ರ ನೀಡುವಂತೆ ಎದುರುದಾರರಿಗೆ ಆದೇಶಿಸಲು ಕೋರಿ ಅರ್ಜಿ ಸಲ್ಲಿಸಿರುತ್ತಾರೆ. ಈ ಅರ್ಜಿ ಕುರಿತು ಯಾರದ್ದಾದರೂ ತಕರಾರಿದ್ದಲ್ಲಿ ದಿ: 20-04-2025 ರಂದು ಬೆಳಗ್ಗೆ 11-00ಗಂಟೆಗೆ ತಾವಾಗಲಿ, ವಕೀಲರ ಮುಖಾಂತರವಾಗಲಿ ಹಾಜರಿದ್ದು, ಆಕ್ಷೇಪಣೆ ಸಲ್ಲಿಸಬಹುದು. ಇಲ್ಲದಿದ್ದರೆ ಪ್ರಕರಣವನ್ನು ಏಕಪಕ್ಷೀಯವಾಗಿ ನಿರ್ಣಯಿಸಲಾಗುವುದು. ನ್ಯಾಯಾಲಯದ ಅಪ್ಪಣೆ ಮೇರೆಗೆ: ದಿ: 04-04- 2025ರಂದು ನೀಡಲಾಗಿದೆ.
ಅರ್ಜಿದಾರರ ಪರ ವಕೀಲರು ಎಸ್. ಪ್ರಕಾಶ ಹರಿಹರ
ನ್ಯಾಯಾಲಯದ ಆದೇಶದ ಮೇರೆಗೆ ಶಿರಸ್ತೇದಾರರು, ಸಿವಿಲ್ ನ್ಯಾಯಾಧೀಶರು ಮತ್ತು ಜೆಎಂಎಫ್‌ಸಿ ನ್ಯಾಯಾಲಯ, ಹರಿಹರ
ಏ. 26 ರಂದು ಕೃಷಿಕ ವರ್ಗದ ವಿದ್ಯಾರ್ಥಿಗಳಿಗೆ ತರಬೇತಿ

ಹಾವೇರಿ: ಕೃಷಿ ಭವನ, ದೇವಿಹೊಸೂರ ಜಿಲ್ಲಾ ಕೃಷಿ ತರಬೇತಿ ಕೇಂದ್ರ, ಕಲಕೋಡ ಹಾಗೂ ನಾಗನೂರ ಕೃಷಿಯೊಳಗೆ ಸಹಯೋಗದಲ್ಲಿ ಕೃಷಿಕ ವಿದ್ಯಾರ್ಥಿಗಳಿಗೆ ಆಧುನಿಕ ತಂತ್ರಜ್ಞಾನ ಕುರಿತು ಏಪ್ರಿಲ್ 26 ರಂದು ತರಬೇತಿ ಹಮ್ಮಿಕೊಳ್ಳಲಾಗಿದೆ. ಆಸಕ್ತ ವಿದ್ಯಾರ್ಥಿಗಳು ತಮ್ಮ ಹೆಸರನ್ನು ದೂರವಾಣಿ ಸಂಖ್ಯೆ 8494913201, 9449082829, 6360494057 ಗೆ ಕರೆ ಮಾಡಿ ನೊಂದಾಯಿಸಿಕೊಳ್ಳಬಹುದು. ಏಪ್ರಿಲ್ 26 ರಂದು ತರಬೇತಿಗೆ ಹಾಜರಾಗಿ ರೂ.100 ಪಾವತಿಸಬೇಕು ಎಂದು ಪ್ರಕಟಣೆಯಲ್ಲಿ ತಿಳಿಸಿದ್ದಾರೆ.

ಕೃಷಿ ಇಲಾಖೆ
ಉಪ ಕೃಷಿ ನಿರ್ದೇಶಕರ ಕಾರ್ಯಾಲಯ, ರಾಜ್ಯ ಜೀವಿಪರಾಯ ಪರೀಕ್ಷಣಾ
ಪ್ರಯೋಗಾಲಯ, ಧಾರವಾಡ ಜಿಲ್ಲಾ ಹೊರತು
ದೂರವಾಣಿ: 0836-2448861, ಇಮೇಲ್: ddasp8dwd@gmail.com
ಸಂಖ್ಯೆ: ಉ.ಕೃ.ನಿ/ರಾ.ಜೀ.ಪ್ರ/ಧಾ/ಪ್ರ.ಕ/ಟೆ.ಕ/2025-26
ದಿನಾಂಕ : 15-04-2025
ಪತ್ರಿಕಾ ಪ್ರಕಟಣೆ
ಈ ಕಛೇರಿಗೆ 2025-26 ನೇ ಸಾಲಿಗೆ ಈ ಕೆಳಕಂಡಂತೆ ಸಾಮಗ್ರಿಗಳನ್ನು ಸರಬರಾಜು ಮಾಡಲು ಅರ್ಹರಿಂದ ಟೆಂಡರ್ ಆಹ್ವಾನಿಸಲಾಗಿದೆ. ಇ-ಟೆಂಡರ್ ಮೂಲಕ ಮಾತ್ರ.
1) ಹುದ್ದೆ ಹೆಸರು : ಗ್ರೂಪ್-ಡಿ, ಹುದ್ದೆ ಸಂಖ್ಯೆ : 01, ಟೆಂಡರ್ ಅರ್ಜಿ ವಿತರಣೆ ದಿನಾಂಕ : 15-04-2025 ರಿಂದ 21-04-2025 ರ ಮಧ್ಯಾಹ್ನ 12.30 ಘಂಟೆಯವರೆಗೆ, ಭರ್ತಿ ಮಾಡಿದ ಟೆಂಡರ್ ಅರ್ಜಿ ಸ್ವೀಕರಿಸುವ ದಿನಾಂಕ : 25-04-2025 ರ ಸಂಜೆ 4.00 ಘಂಟೆಯವರೆಗೆ, ಟೆಂಡರ್ ತೆರೆಯುವ ದಿನಾಂಕ ಮತ್ತು ಸಮಯ : 28-04-2025 ರ ಬೆಳಿಗ್ಗೆ 11.30 ಘಂಟೆಗೆ, ಟೆಂಡರ್ ಶುಲ್ಕ ರೂ. 500.00 ಗಳು
ಈ ಕುರಿತಂತೆ ಹೆಚ್ಚುವರಿ ಷರತ್ತು ಮಾಹಿತಿಗಾಗಿ ಕಛೇರಿಯನ್ನು ಸಂಪರ್ಕಿಸಬಹುದು. ಅರ್ಜಿ ಶುಲ್ಕ ರೂ. 500.00 ಗಳನ್ನು ಡಿ.ಡಿ ಮೂಲಕ ಪಾವತಿಸಬೇಕು (DDO CODE: 144880).
ಸಹಿ/- ಉಪ ಕೃಷಿ ನಿರ್ದೇಶಕರು, ರಾಜ್ಯ ಜೀವಿಪರಾಯ ಪರೀಕ್ಷಣಾ ಪ್ರಯೋಗಾಲಯ, ಧಾರವಾಡ
ಡಿಐಪಿಆರ್/ಧಾರವಾಡ/47/ಮೇಲ್‌ಸ್ಟೇಟ್/2025-26
